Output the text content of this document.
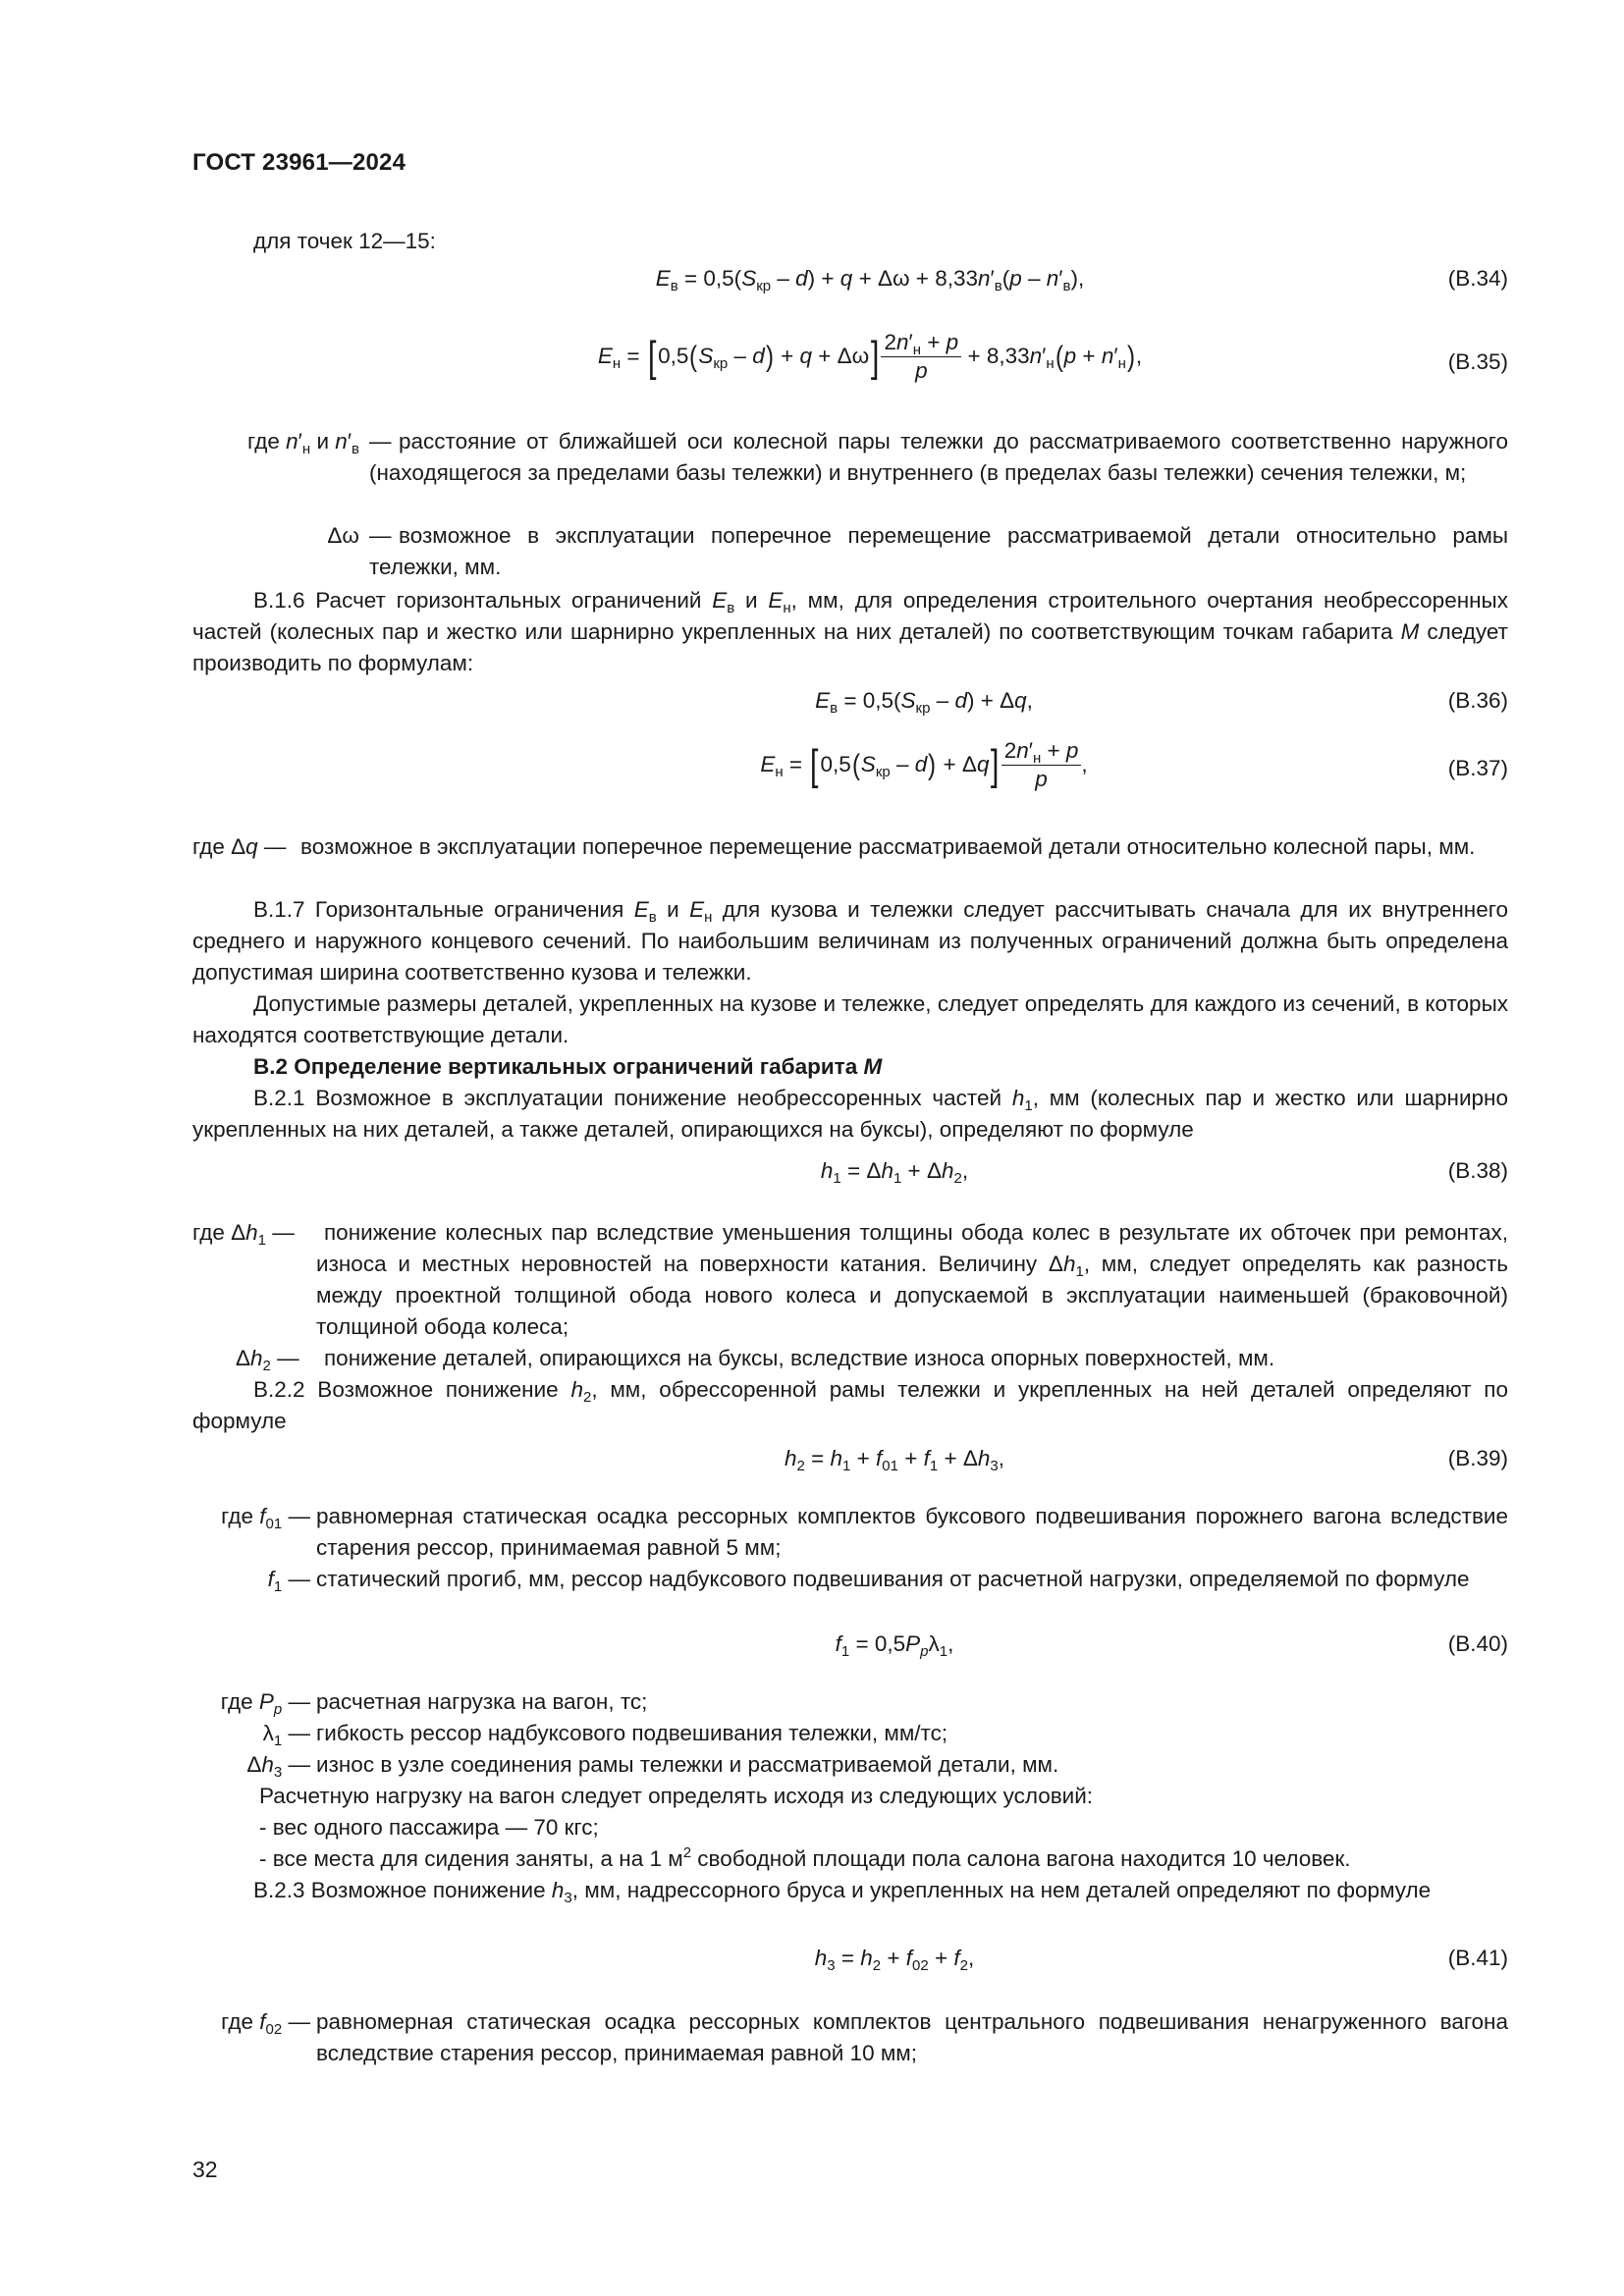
ГОСТ 23961—2024
для точек 12—15:
$E_в = 0,5(S_{кр} - d) + q + \Delta\omega + 8,33n'_в(p - n'_в)$,	(В.34)
$E_н = [0,5(S_{кр} - d) + q + \Delta\omega] \frac{2n'_н + p}{p} + 8,33n'_н(p + n'_н)$,	(В.35)
где $n'_н$ и $n'_в$ — расстояние от ближайшей оси колесной пары тележки до рассматриваемого соответственно наружного (находящегося за пределами базы тележки) и внутреннего (в пределах базы тележки) сечения тележки, м;
Δω — возможное в эксплуатации поперечное перемещение рассматриваемой детали относительно рамы тележки, мм.
В.1.6 Расчет горизонтальных ограничений $E_в$ и $E_н$, мм, для определения строительного очертания необрессоренных частей (колесных пар и жестко или шарнирно укрепленных на них деталей) по соответствующим точкам габарита М следует производить по формулам:
$E_в = 0,5(S_{кр} - d) + \Delta q$,	(В.36)
$E_н = [0,5(S_{кр} - d) + \Delta q] \frac{2n'_н + p}{p}$ ,	(В.37)
где Δq — возможное в эксплуатации поперечное перемещение рассматриваемой детали относительно колесной пары, мм.
В.1.7 Горизонтальные ограничения $E_в$ и $E_н$ для кузова и тележки следует рассчитывать сначала для их внутреннего среднего и наружного концевого сечений. По наибольшим величинам из полученных ограничений должна быть определена допустимая ширина соответственно кузова и тележки.
Допустимые размеры деталей, укрепленных на кузове и тележке, следует определять для каждого из сечений, в которых находятся соответствующие детали.
В.2 Определение вертикальных ограничений габарита М
В.2.1 Возможное в эксплуатации понижение необрессоренных частей $h_1$, мм (колесных пар и жестко или шарнирно укрепленных на них деталей, а также деталей, опирающихся на буксы), определяют по формуле
$h_1 = \Delta h_1 + \Delta h_2$,	(В.38)
где $\Delta h_1$ —	понижение колесных пар вследствие уменьшения толщины обода колес в результате их обточек при ремонтах, износа и местных неровностей на поверхности катания. Величину $\Delta h_1$, мм, следует определять как разность между проектной толщиной обода нового колеса и допускаемой в эксплуатации наименьшей (браковочной) толщиной обода колеса;
$\Delta h_2$ — понижение деталей, опирающихся на буксы, вследствие износа опорных поверхностей, мм.
В.2.2 Возможное понижение $h_2$, мм, обрессоренной рамы тележки и укрепленных на ней деталей определяют по формуле
$h_2 = h_1 + f_{01} + f_1 + \Delta h_3$,	(В.39)
где $f_{01}$ — равномерная статическая осадка рессорных комплектов буксового подвешивания порожнего вагона вследствие старения рессор, принимаемая равной 5 мм;
$f_1$ — статический прогиб, мм, рессор надбуксового подвешивания от расчетной нагрузки, определяемой по формуле
$f_1 = 0,5P_p\lambda_1$,	(В.40)
где $P_p$ — расчетная нагрузка на вагон, тс;
$\lambda_1$ — гибкость рессор надбуксового подвешивания тележки, мм/тс;
$\Delta h_3$ — износ в узле соединения рамы тележки и рассматриваемой детали, мм.
Расчетную нагрузку на вагон следует определять исходя из следующих условий:
- вес одного пассажира — 70 кгс;
- все места для сидения заняты, а на 1 $м^2$ свободной площади пола салона вагона находится 10 человек.
В.2.3 Возможное понижение $h_3$, мм, надрессорного бруса и укрепленных на нем деталей определяют по формуле
$h_3 = h_2 + f_{02} + f_2$,	(В.41)
где $f_{02}$ — равномерная статическая осадка рессорных комплектов центрального подвешивания ненагруженного вагона вследствие старения рессор, принимаемая равной 10 мм;
32
